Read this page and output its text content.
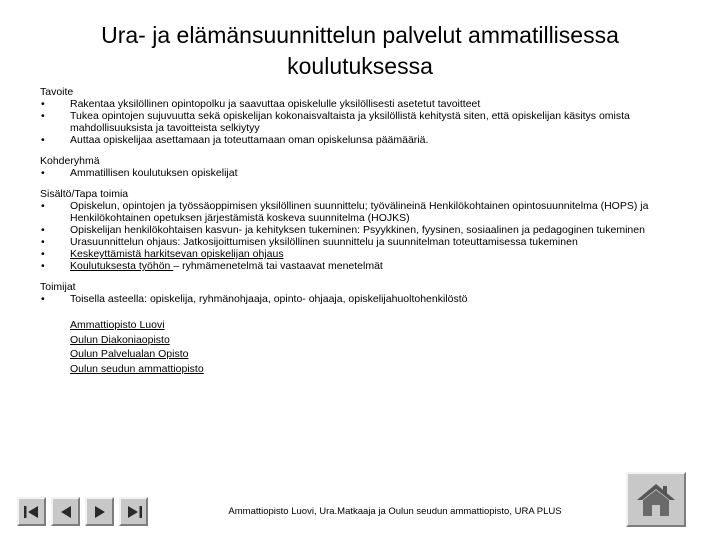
Ura- ja elämänsuunnittelun palvelut ammatillisessa koulutuksessa
Tavoite
• Rakentaa yksilöllinen opintopolku ja saavuttaa opiskelulle yksilöllisesti asetetut tavoitteet
• Tukea opintojen sujuvuutta sekä opiskelijan kokonaisvaltaista ja yksilöllistä kehitystä siten, että opiskelijan käsitys omista mahdollisuuksista ja tavoitteista selkiytyy
• Auttaa opiskelijaa asettamaan ja toteuttamaan oman opiskelunsa päämääriä.
Kohderyhmä
• Ammatillisen koulutuksen opiskelijat
Sisältö/Tapa toimia
• Opiskelun, opintojen ja työssäoppimisen yksilöllinen suunnittelu; työvälineinä Henkilökohtainen opintosuunnitelma (HOPS) ja Henkilökohtainen opetuksen järjestämistä koskeva suunnitelma (HOJKS)
• Opiskelijan henkilökohtaisen kasvun- ja kehityksen tukeminen: Psyykkinen, fyysinen, sosiaalinen ja pedagoginen tukeminen
• Urasuunnittelun ohjaus: Jatkosijoittumisen yksilöllinen suunnittelu ja suunnitelman toteuttamisessa tukeminen
• Keskeyttämistä harkitsevan opiskelijan ohjaus
• Koulutuksesta työhön – ryhmämenetelmä tai vastaavat menetelmät
Toimijat
• Toisella asteella: opiskelija, ryhmänohjaaja, opinto- ohjaaja, opiskelijahuoltohenkilöstö
Ammattiopisto Luovi
Oulun Diakoniaopisto
Oulun Palvelualan Opisto
Oulun seudun ammattiopisto
Ammattiopisto Luovi, Ura.Matkaaja ja Oulun seudun ammattiopisto, URA PLUS
